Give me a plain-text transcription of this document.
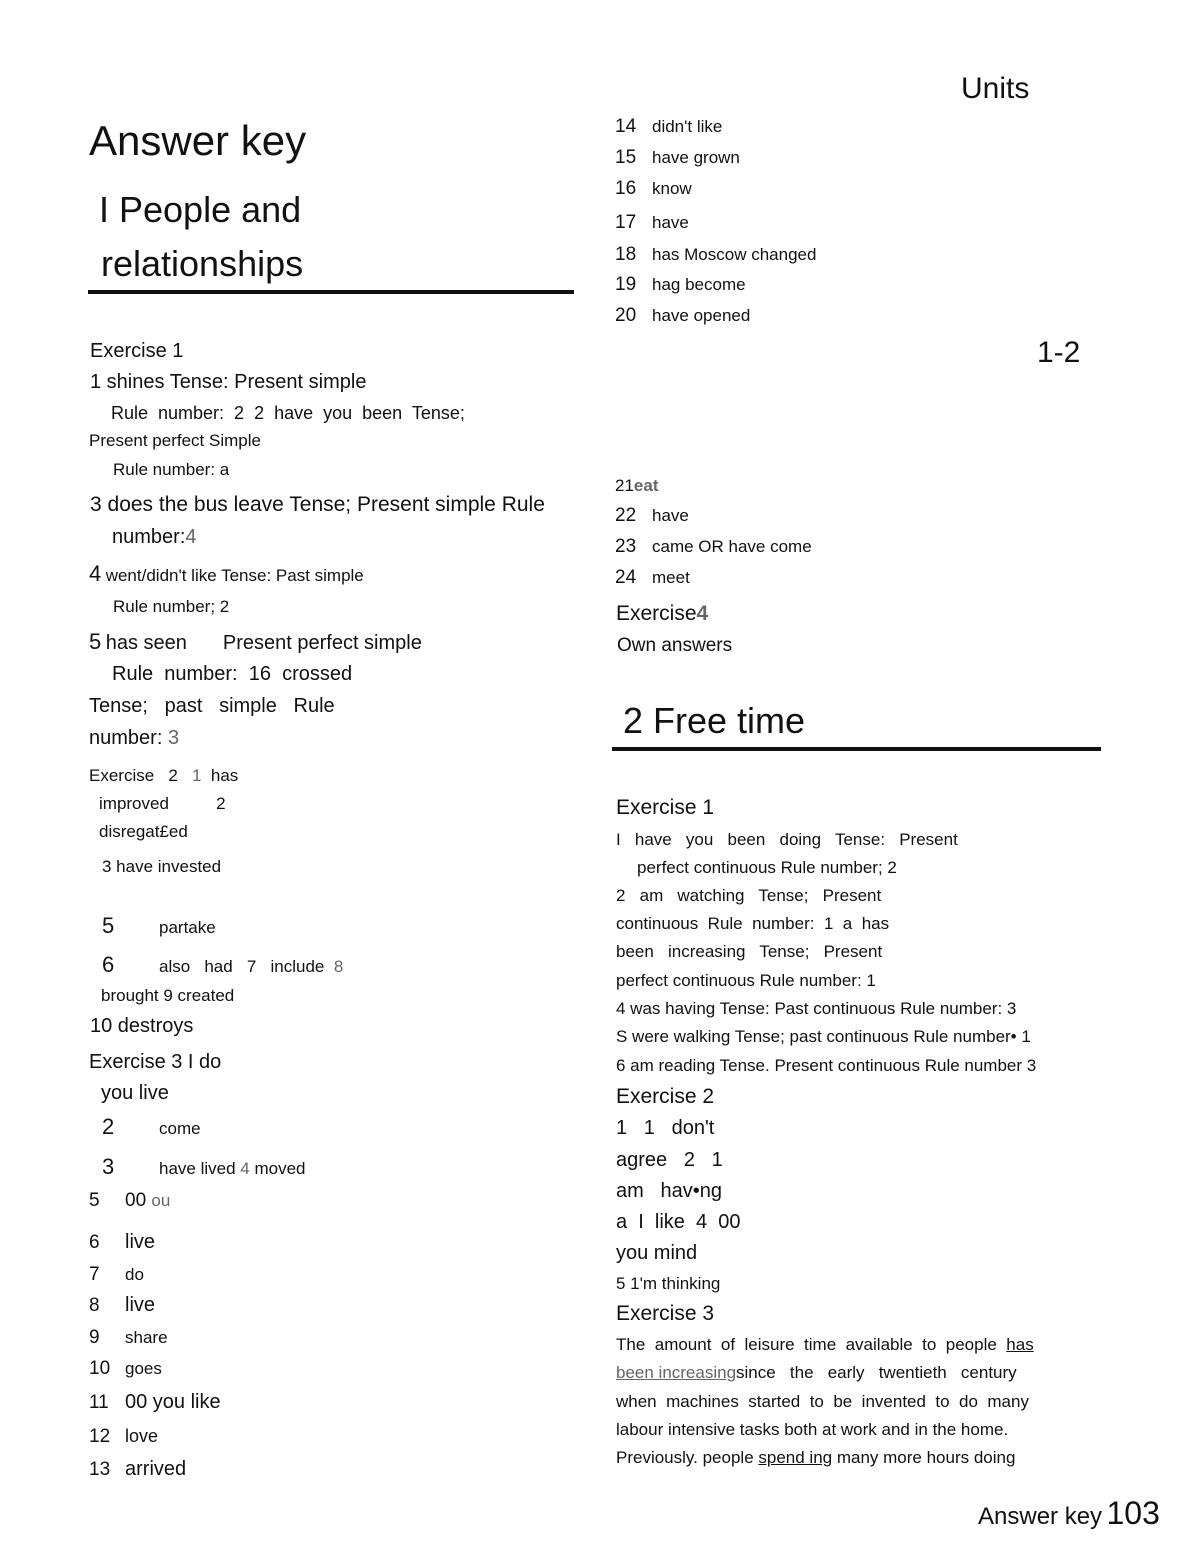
Units
1-2
Answer key
I People and
relationships
Exercise 1
1 shines Tense: Present simple
Rule  number:  2  2  have  you  been  Tense;
Present perfect Simple
Rule number: a
3 does the bus leave Tense; Present simple Rule
number:4
4 went/didn't like Tense: Past simple
Rule number; 2
5 has seen Present perfect simple
Rule  number:  16  crossed
Tense;   past   simple   Rule
number: 3
Exercise   2   1  has
improved          2
disregat£ed
3 have invested
5	partake
6	also   had   7   include  8
brought 9 created
10 destroys
Exercise 3 I do
you live
2	come
3	have lived 4 moved
5 00 ou
6 live
7 do
8 live
9 share
10 goes
11 00 you like
12 love
13 arrived
14 didn't like
15 have grown
16 know
17 have
18 has Moscow changed
19 hag become
20 have opened
21eat
22 have
23 came OR have come
24 meet
Exercise4
Own answers
2 Free time
Exercise 1
I   have   you   been   doing   Tense:   Present
perfect continuous Rule number; 2
2   am   watching   Tense;   Present
continuous  Rule  number:  1  a  has
been   increasing   Tense;   Present
perfect continuous Rule number: 1
4 was having Tense: Past continuous Rule number: 3
S were walking Tense; past continuous Rule number• 1
6 am reading Tense. Present continuous Rule number 3
Exercise 2
1   1   don't
agree   2   1
am   hav•ng
a  I  like  4  00
you mind
5 1'm thinking
Exercise 3
The  amount  of  leisure  time  available  to  people  has
been increasingsince   the   early   twentieth   century
when  machines  started  to  be  invented  to  do  many
labour intensive tasks both at work and in the home.
Previously. people spend ing many more hours doing
Answer key 103
